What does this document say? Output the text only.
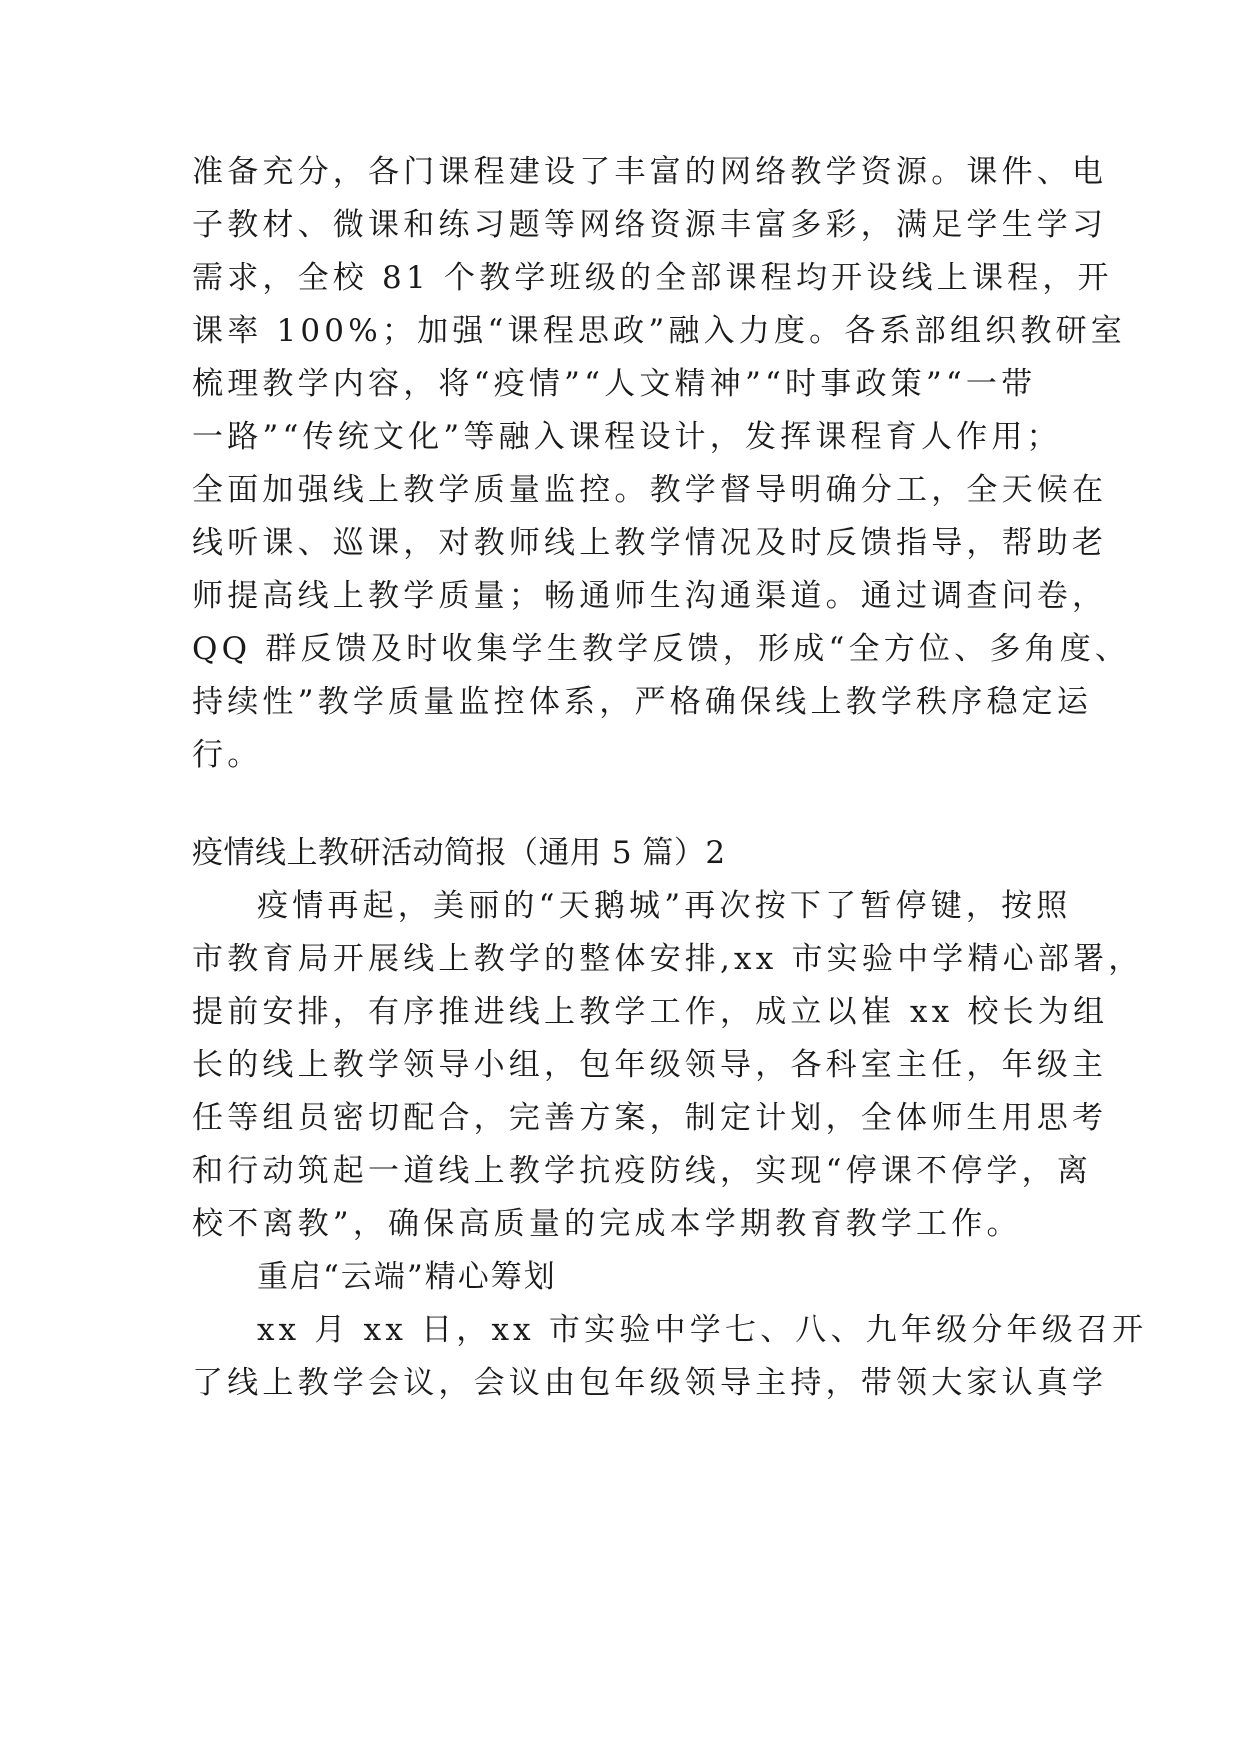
准备充分，各门课程建设了丰富的网络教学资源。课件、电
子教材、微课和练习题等网络资源丰富多彩，满足学生学习
需求，全校 81 个教学班级的全部课程均开设线上课程，开
课率 100%；加强“课程思政”融入力度。各系部组织教研室
梳理教学内容，将“疫情”“人文精神”“时事政策”“一带
一路”“传统文化”等融入课程设计，发挥课程育人作用；
全面加强线上教学质量监控。教学督导明确分工，全天候在
线听课、巡课，对教师线上教学情况及时反馈指导，帮助老
师提高线上教学质量；畅通师生沟通渠道。通过调查问卷，
QQ 群反馈及时收集学生教学反馈，形成“全方位、多角度、
持续性”教学质量监控体系，严格确保线上教学秩序稳定运
行。
疫情线上教研活动简报（通用 5 篇）2
疫情再起，美丽的“天鹅城”再次按下了暂停键，按照
市教育局开展线上教学的整体安排,xx 市实验中学精心部署，
提前安排，有序推进线上教学工作，成立以崔 xx 校长为组
长的线上教学领导小组，包年级领导，各科室主任，年级主
任等组员密切配合，完善方案，制定计划，全体师生用思考
和行动筑起一道线上教学抗疫防线，实现“停课不停学，离
校不离教”，确保高质量的完成本学期教育教学工作。
重启“云端”精心筹划
xx 月 xx 日，xx 市实验中学七、八、九年级分年级召开
了线上教学会议，会议由包年级领导主持，带领大家认真学
